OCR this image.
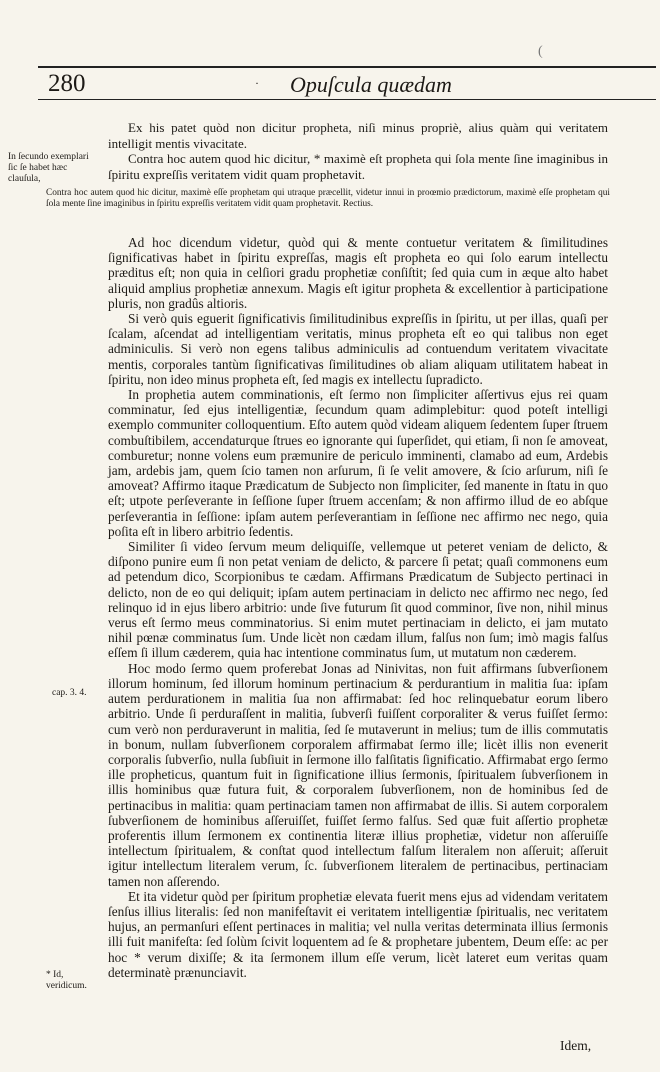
(
280	· Opuſcula quædam

Ex his patet quòd non dicitur propheta, niſi minus propriè, alius quàm qui veritatem intelligit mentis vivacitate.

Contra hoc autem quod hic dicitur, * maximè eſt propheta qui ſola mente ſine imaginibus in ſpiritu expreſſis veritatem vidit quam prophetavit.

In ſecundo exemplari ſic ſe habet hæc clauſula,
Contra hoc autem quod hic dicitur, maximè eſſe prophetam qui utraque præcellit, videtur innui in proœmio prædictorum, maximè eſſe prophetam qui ſola mente ſine imaginibus in ſpiritu expreſſis veritatem vidit quam prophetavit. Rectius.

Ad hoc dicendum videtur, quòd qui & mente contuetur veritatem & ſimilitudines ſignificativas habet in ſpiritu expreſſas, magis eſt propheta eo qui ſolo earum intellectu præditus eſt; non quia in celſiori gradu prophetiæ conſiſtit; ſed quia cum in æque alto habet aliquid amplius prophetiæ annexum. Magis eſt igitur propheta & excellentior à participatione pluris, non gradûs altioris.

Si verò quis eguerit ſignificativis ſimilitudinibus expreſſis in ſpiritu, ut per illas, quaſi per ſcalam, aſcendat ad intelligentiam veritatis, minus propheta eſt eo qui talibus non eget adminiculis. Si verò non egens talibus adminiculis ad contuendum veritatem vivacitate mentis, corporales tantùm ſignificativas ſimilitudines ob aliam aliquam utilitatem habeat in ſpiritu, non ideo minus propheta eſt, ſed magis ex intellectu ſupradicto.

In prophetia autem comminationis, eſt ſermo non ſimpliciter aſſertivus ejus rei quam comminatur, ſed ejus intelligentiæ, ſecundum quam adimplebitur: quod poteſt intelligi exemplo communiter colloquentium. Eſto autem quòd videam aliquem ſedentem ſuper ſtruem combuſtibilem, accendaturque ſtrues eo ignorante qui ſuperſidet, qui etiam, ſi non ſe amoveat, comburetur; nonne volens eum præmunire de periculo imminenti, clamabo ad eum, Ardebis jam, ardebis jam, quem ſcio tamen non arſurum, ſi ſe velit amovere, & ſcio arſurum, niſi ſe amoveat? Affirmo itaque Prædicatum de Subjecto non ſimpliciter, ſed manente in ſtatu in quo eſt; utpote perſeverante in ſeſſione ſuper ſtruem accenſam; & non affirmo illud de eo abſque perſeverantia in ſeſſione: ipſam autem perſeverantiam in ſeſſione nec affirmo nec nego, quia poſita eſt in libero arbitrio ſedentis.

Similiter ſi video ſervum meum deliquiſſe, vellemque ut peteret veniam de delicto, & diſpono punire eum ſi non petat veniam de delicto, & parcere ſi petat; quaſi commonens eum ad petendum dico, Scorpionibus te cædam. Affirmans Prædicatum de Subjecto pertinaci in delicto, non de eo qui deliquit; ipſam autem pertinaciam in delicto nec affirmo nec nego, ſed relinquo id in ejus libero arbitrio: unde ſive futurum ſit quod comminor, ſive non, nihil minus verus eſt ſermo meus comminatorius. Si enim mutet pertinaciam in delicto, ei jam mutato nihil pœnæ comminatus ſum. Unde licèt non cædam illum, falſus non ſum; imò magis falſus eſſem ſi illum cæderem, quia hac intentione comminatus ſum, ut mutatum non cæderem.

Hoc modo ſermo quem proferebat Jonas ad Ninivitas, non fuit affirmans ſubverſionem illorum hominum, ſed illorum hominum pertinacium & perdurantium in malitia ſua: ipſam autem perdurationem in malitia ſua non affirmabat: ſed hoc relinquebatur eorum libero arbitrio. Unde ſi perduraſſent in malitia, ſubverſi fuiſſent corporaliter & verus fuiſſet ſermo: cum verò non perduraverunt in malitia, ſed ſe mutaverunt in melius; tum de illis commutatis in bonum, nullam ſubverſionem corporalem affirmabat ſermo ille; licèt illis non evenerit corporalis ſubverſio, nulla ſubſiuit in ſermone illo falſitatis ſignificatio. Affirmabat ergo ſermo ille propheticus, quantum fuit in ſignificatione illius ſermonis, ſpiritualem ſubverſionem in illis hominibus quæ futura fuit, & corporalem ſubverſionem, non de hominibus ſed de pertinacibus in malitia: quam pertinaciam tamen non affirmabat de illis. Si autem corporalem ſubverſionem de hominibus aſſeruiſſet, fuiſſet ſermo falſus. Sed quæ fuit aſſertio prophetæ proferentis illum ſermonem ex continentia literæ illius prophetiæ, videtur non aſſeruiſſe intellectum ſpiritualem, & conſtat quod intellectum falſum literalem non aſſeruit; aſſeruit igitur intellectum literalem verum, ſc. ſubverſionem literalem de pertinacibus, pertinaciam tamen non aſſerendo.

Et ita videtur quòd per ſpiritum prophetiæ elevata fuerit mens ejus ad videndam veritatem ſenſus illius literalis: ſed non manifeſtavit ei veritatem intelligentiæ ſpiritualis, nec veritatem hujus, an permanſuri eſſent pertinaces in malitia; vel nulla veritas determinata illius ſermonis illi fuit manifeſta: ſed ſolùm ſcivit loquentem ad ſe & prophetare jubentem, Deum eſſe: ac per hoc * verum dixiſſe; & ita ſermonem illum eſſe verum, licèt lateret eum veritas quam determinatè prænunciavit.

cap. 3. 4.
* Id, veridicum.
Idem,
